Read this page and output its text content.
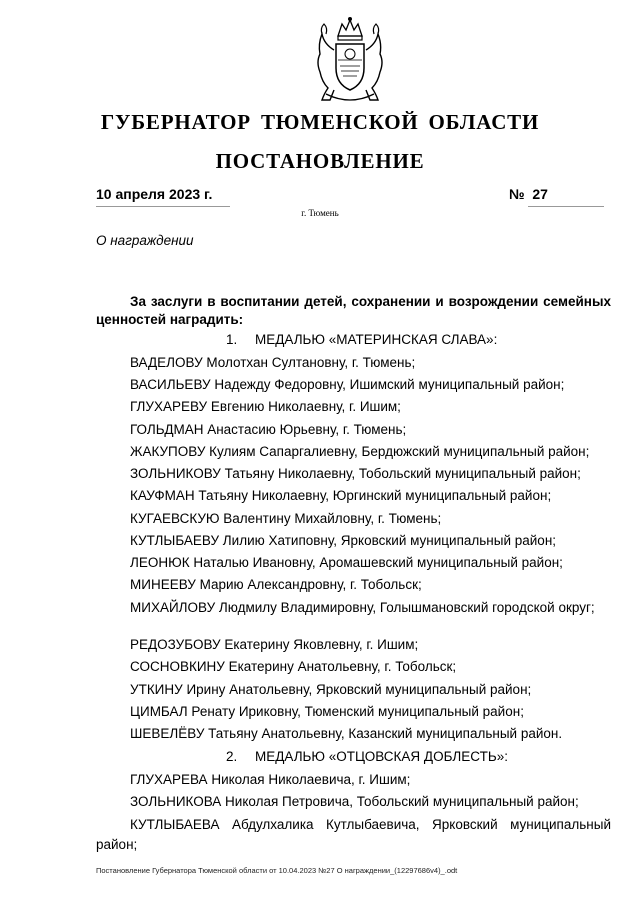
ГУБЕРНАТОР ТЮМЕНСКОЙ ОБЛАСТИ
ПОСТАНОВЛЕНИЕ
10 апреля 2023 г.	№ 27
г. Тюмень
О награждении
За заслуги в воспитании детей, сохранении и возрождении семейных ценностей наградить:
1. МЕДАЛЬЮ «МАТЕРИНСКАЯ СЛАВА»:
ВАДЕЛОВУ Молотхан Султановну, г. Тюмень;
ВАСИЛЬЕВУ Надежду Федоровну, Ишимский муниципальный район;
ГЛУХАРЕВУ Евгению Николаевну, г. Ишим;
ГОЛЬДМАН Анастасию Юрьевну, г. Тюмень;
ЖАКУПОВУ Кулиям Сапаргалиевну, Бердюжский муниципальный район;
ЗОЛЬНИКОВУ Татьяну Николаевну, Тобольский муниципальный район;
КАУФМАН Татьяну Николаевну, Юргинский муниципальный район;
КУГАЕВСКУЮ Валентину Михайловну, г. Тюмень;
КУТЛЫБАЕВУ Лилию Хатиповну, Ярковский муниципальный район;
ЛЕОНЮК Наталью Ивановну, Аромашевский муниципальный район;
МИНЕЕВУ Марию Александровну, г. Тобольск;
МИХАЙЛОВУ Людмилу Владимировну, Голышмановский городской округ;
РЕДОЗУБОВУ Екатерину Яковлевну, г. Ишим;
СОСНОВКИНУ Екатерину Анатольевну, г. Тобольск;
УТКИНУ Ирину Анатольевну, Ярковский муниципальный район;
ЦИМБАЛ Ренату Ириковну, Тюменский муниципальный район;
ШЕВЕЛЁВУ Татьяну Анатольевну, Казанский муниципальный район.
2. МЕДАЛЬЮ «ОТЦОВСКАЯ ДОБЛЕСТЬ»:
ГЛУХАРЕВА Николая Николаевича, г. Ишим;
ЗОЛЬНИКОВА Николая Петровича, Тобольский муниципальный район;
КУТЛЫБАЕВА Абдулхалика Кутлыбаевича, Ярковский муниципальный район;
Постановление Губернатора Тюменской области от 10.04.2023 №27 О награждении_(12297686v4)_.odt
